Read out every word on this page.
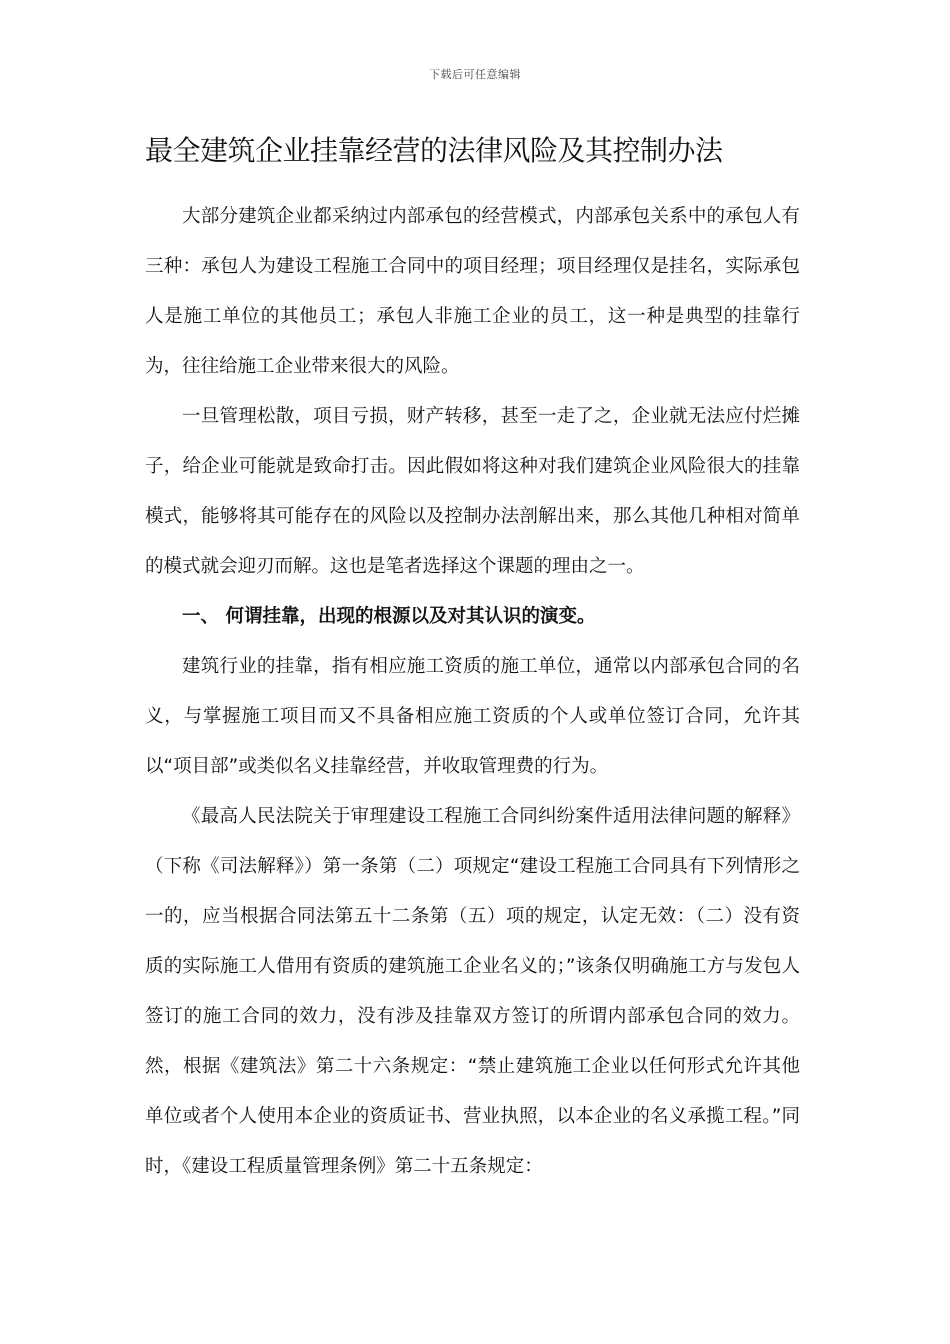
下载后可任意编辑
最全建筑企业挂靠经营的法律风险及其控制办法

大部分建筑企业都采纳过内部承包的经营模式，内部承包关系中的承包人有三种：承包人为建设工程施工合同中的项目经理；项目经理仅是挂名，实际承包人是施工单位的其他员工；承包人非施工企业的员工，这一种是典型的挂靠行为，往往给施工企业带来很大的风险。

一旦管理松散，项目亏损，财产转移，甚至一走了之，企业就无法应付烂摊子，给企业可能就是致命打击。因此假如将这种对我们建筑企业风险很大的挂靠模式，能够将其可能存在的风险以及控制办法剖解出来，那么其他几种相对简单的模式就会迎刃而解。这也是笔者选择这个课题的理由之一。

一、 何谓挂靠，出现的根源以及对其认识的演变。

建筑行业的挂靠，指有相应施工资质的施工单位，通常以内部承包合同的名义，与掌握施工项目而又不具备相应施工资质的个人或单位签订合同，允许其以“项目部”或类似名义挂靠经营，并收取管理费的行为。

《最高人民法院关于审理建设工程施工合同纠纷案件适用法律问题的解释》（下称《司法解释》）第一条第（二）项规定“建设工程施工合同具有下列情形之一的，应当根据合同法第五十二条第（五）项的规定，认定无效：（二）没有资质的实际施工人借用有资质的建筑施工企业名义的；”该条仅明确施工方与发包人签订的施工合同的效力，没有涉及挂靠双方签订的所谓内部承包合同的效力。然，根据《建筑法》第二十六条规定：“禁止建筑施工企业以任何形式允许其他单位或者个人使用本企业的资质证书、营业执照，以本企业的名义承揽工程。”同时，《建设工程质量管理条例》第二十五条规定：
